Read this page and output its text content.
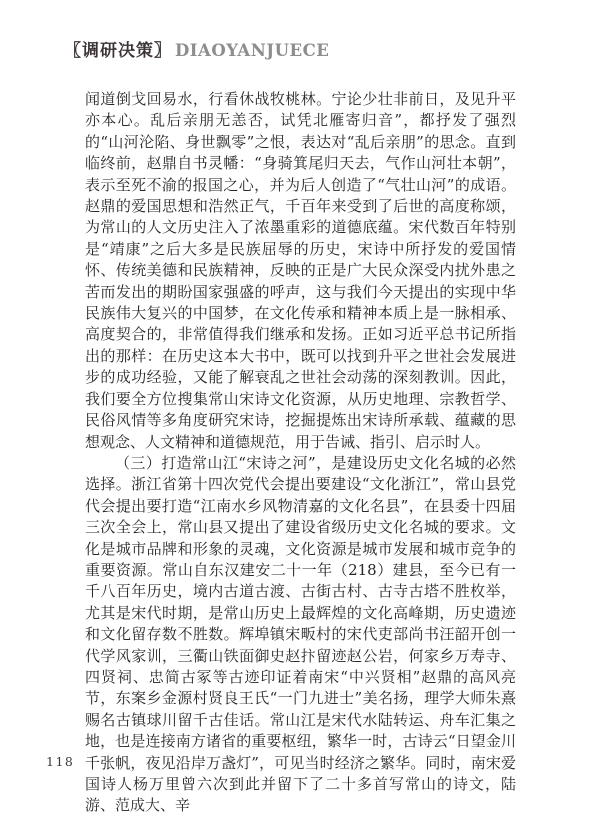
〖调研决策〗 DIAOYANJUECE

闻道倒戈回易水，行看休战牧桃林。宁论少壮非前日，及见升平亦本心。乱后亲朋无恙否，试凭北雁寄归音”，都抒发了强烈的“山河沦陷、身世飘零”之恨，表达对“乱后亲朋”的思念。直到临终前，赵鼎自书灵幡：“身骑箕尾归天去，气作山河壮本朝”，表示至死不渝的报国之心，并为后人创造了“气壮山河”的成语。赵鼎的爱国思想和浩然正气，千百年来受到了后世的高度称颂，为常山的人文历史注入了浓墨重彩的道德底蕴。宋代数百年特别是“靖康”之后大多是民族屈辱的历史，宋诗中所抒发的爱国情怀、传统美德和民族精神，反映的正是广大民众深受内扰外患之苦而发出的期盼国家强盛的呼声，这与我们今天提出的实现中华民族伟大复兴的中国梦，在文化传承和精神本质上是一脉相承、高度契合的，非常值得我们继承和发扬。正如习近平总书记所指出的那样：在历史这本大书中，既可以找到升平之世社会发展进步的成功经验，又能了解衰乱之世社会动荡的深刻教训。因此，我们要全方位搜集常山宋诗文化资源，从历史地理、宗教哲学、民俗风情等多角度研究宋诗，挖掘提炼出宋诗所承载、蕴藏的思想观念、人文精神和道德规范，用于告诫、指引、启示时人。

（三）打造常山江“宋诗之河”，是建设历史文化名城的必然选择。浙江省第十四次党代会提出要建设“文化浙江”，常山县党代会提出要打造“江南水乡风物清嘉的文化名县”，在县委十四届三次全会上，常山县又提出了建设省级历史文化名城的要求。文化是城市品牌和形象的灵魂，文化资源是城市发展和城市竞争的重要资源。常山自东汉建安二十一年（218）建县，至今已有一千八百年历史，境内古道古渡、古街古村、古寺古塔不胜枚举，尤其是宋代时期，是常山历史上最辉煌的文化高峰期，历史遗迹和文化留存数不胜数。辉埠镇宋畈村的宋代吏部尚书汪韶开创一代学风家训，三衢山铁面御史赵抃留迹赵公岩，何家乡万寿寺、四贤祠、忠简古冢等古迹印证着南宋“中兴贤相”赵鼎的高风亮节，东案乡金源村贤良王氏“一门九进士”美名扬，理学大师朱熹赐名古镇球川留千古佳话。常山江是宋代水陆转运、舟车汇集之地，也是连接南方诸省的重要枢纽，繁华一时，古诗云“日望金川千张帆，夜见沿岸万盏灯”，可见当时经济之繁华。同时，南宋爱国诗人杨万里曾六次到此并留下了二十多首写常山的诗文，陆游、范成大、辛

118
